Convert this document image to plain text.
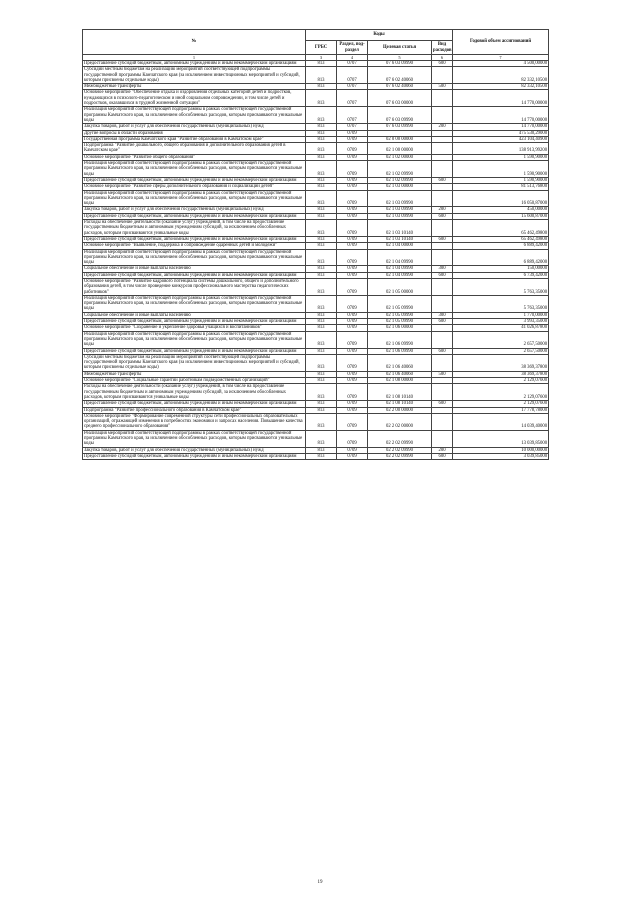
№	Коды				Годовой объем ассигнований
	ГРБС	Раздел, под-раздел	Целевая статья	Вид расходов	
1	3	4	5	6	7
Предоставление субсидий бюджетным, автономным учреждениям и иным некоммерческим организациям	813	0707	07 6 03 09990	600	4 500,00000
Субсидии местным бюджетам на реализацию мероприятий соответствующей подпрограммы государственной программы Камчатского края (за исключением инвестиционных мероприятий и субсидий, которым присвоены отдельные коды)	813	0707	07 6 02 40060		82 332,10500
Межбюджетные трансферты	813	0707	07 6 02 40060	500	82 332,10500
Основное мероприятие "Обеспечение отдыха и оздоровления отдельных категорий детей и подростков, нуждающихся в психолого-педагогическом и иной социальном сопровождении, и том числе детей и подростков, оказавшихся в трудной жизненной ситуации"	813	0707	07 6 03 00000		14 770,00000
Реализация мероприятий соответствующей подпрограммы в рамках соответствующей государственной программы Камчатского края, за исключением обособленных расходов, которым присваиваются уникальные коды	813	0707	07 6 03 09990		14 770,00000
Закупка товаров, работ и услуг для обеспечения государственных (муниципальных) нужд	813	0707	07 6 03 09990	200	14 770,00000
Другие вопросы в области образования	813	0709			475 530,29000
Государственная программа Камчатского края "Развитие образования в Камчатском крае"	813	0709	02 0 00 00000		423 104,40900
Подпрограмма "Развитие дошкольного, общего образования и дополнительного образования детей в Камчатском крае"	813	0709	02 1 00 00000		138 913,99200
Основное мероприятие "Развитие общего образования"	813	0709	02 1 02 00000		1 590,90000
Реализация мероприятий соответствующей подпрограммы в рамках соответствующей государственной программы Камчатского края, за исключением обособленных расходов, которым присваиваются уникальные коды	813	0709	02 1 02 09990		1 590,90000
Предоставление субсидий бюджетным, автономным учреждениям и иным некоммерческим организациям	813	0709	02 1 02 09990	600	1 590,90000
Основное мероприятие "Развитие сферы дополнительного образования и социализации детей"	813	0709	02 1 03 00000		81 513,76800
Реализация мероприятий соответствующей подпрограммы в рамках соответствующей государственной программы Камчатского края, за исключением обособленных расходов, которым присваиваются уникальные коды	813	0709	02 1 03 09990		16 050,87000
Закупка товаров, работ и услуг для обеспечения государственных (муниципальных) нужд	813	0709	02 1 03 09990	200	450,00000
Предоставление субсидий бюджетным, автономным учреждениям и иным некоммерческим организациям	813	0709	02 1 03 09990	600	15 600,87000
Расходы на обеспечение деятельности (оказание услуг) учреждений, в том числе на предоставление государственным бюджетным и автономным учреждениям субсидий, за исключением обособленных расходов, которым присваиваются уникальные коды	813	0709	02 1 03 10140		65 462,49800
Предоставление субсидий бюджетным, автономным учреждениям и иным некоммерческим организациям	813	0709	02 1 03 10140	600	65 462,49800
Основное мероприятие "Выявление, поддержка и сопровождение одаренных детей и молодежи"	813	0709	02 1 04 00000		6 889,42000
Реализация мероприятий соответствующей подпрограммы в рамках соответствующей государственной программы Камчатского края, за исключением обособленных расходов, которым присваиваются уникальные коды	813	0709	02 1 04 09990		6 889,42000
Социальное обеспечение и иные выплаты населению	813	0709	02 1 04 09990	300	150,00000
Предоставление субсидий бюджетным, автономным учреждениям и иным некоммерческим организациям	813	0709	02 1 04 09990	600	6 739,42000
Основное мероприятие "Развитие кадрового потенциала системы дошкольного, общего и дополнительного образования детей, в том числе проведение конкурсов профессионального мастерства педагогических работников"	813	0709	02 1 05 00000		5 763,35000
Реализация мероприятий соответствующей подпрограммы в рамках соответствующей государственной программы Камчатского края, за исключением обособленных расходов, которым присваиваются уникальные коды	813	0709	02 1 05 09990		5 763,35000
Социальное обеспечение и иные выплаты населению	813	0709	02 1 05 09990	300	1 770,00000
Предоставление субсидий бюджетным, автономным учреждениям и иным некоммерческим организациям	813	0709	02 1 05 09990	600	3 993,35000
Основное мероприятие "Сохранение и укрепление здоровья учащихся и воспитанников"	813	0709	02 1 06 00000		41 026,87800
Реализация мероприятий соответствующей подпрограммы в рамках соответствующей государственной программы Камчатского края, за исключением обособленных расходов, которым присваиваются уникальные коды	813	0709	02 1 06 09990		2 657,50000
Предоставление субсидий бюджетным, автономным учреждениям и иным некоммерческим организациям	813	0709	02 1 06 09990	600	2 657,50000
Субсидии местным бюджетам на реализацию мероприятий соответствующей подпрограммы государственной программы Камчатского края (за исключением инвестиционных мероприятий и субсидий, которым присвоены отдельные коды)	813	0709	02 1 06 40060		38 369,37800
Межбюджетные трансферты	813	0709	02 1 06 40060	500	38 369,37800
Основное мероприятие "Социальные гарантии работникам подведомственных организаций"	813	0709	02 1 08 00000		2 129,07600
Расходы на обеспечение деятельности (оказание услуг) учреждений, в том числе на предоставление государственным бюджетным и автономным учреждениям субсидий, за исключением обособленных расходов, которым присваиваются уникальные коды	813	0709	02 1 08 10140		2 129,07600
Предоставление субсидий бюджетным, автономным учреждениям и иным некоммерческим организациям	813	0709	02 1 08 10140	600	2 129,07600
Подпрограмма "Развитие профессионального образования в Камчатском крае"	813	0709	02 2 00 00000		17 778,78000
Основное мероприятие "Формирование современной структуры сети профессиональных образовательных организаций, отражающей изменения в потребностях экономики и запросах населения. Повышение качества среднего профессионального образования"	813	0709	02 2 02 00000		14 039,40000
Реализация мероприятий соответствующей подпрограммы в рамках соответствующей государственной программы Камчатского края, за исключением обособленных расходов, которым присваиваются уникальные коды	813	0709	02 2 02 09990		13 039,85000
Закупка товаров, работ и услуг для обеспечения государственных (муниципальных) нужд	813	0709	02 2 02 09990	200	10 000,00000
Предоставление субсидий бюджетным, автономным учреждениям и иным некоммерческим организациям	813	0709	02 2 02 09990	600	3 039,85000
19
